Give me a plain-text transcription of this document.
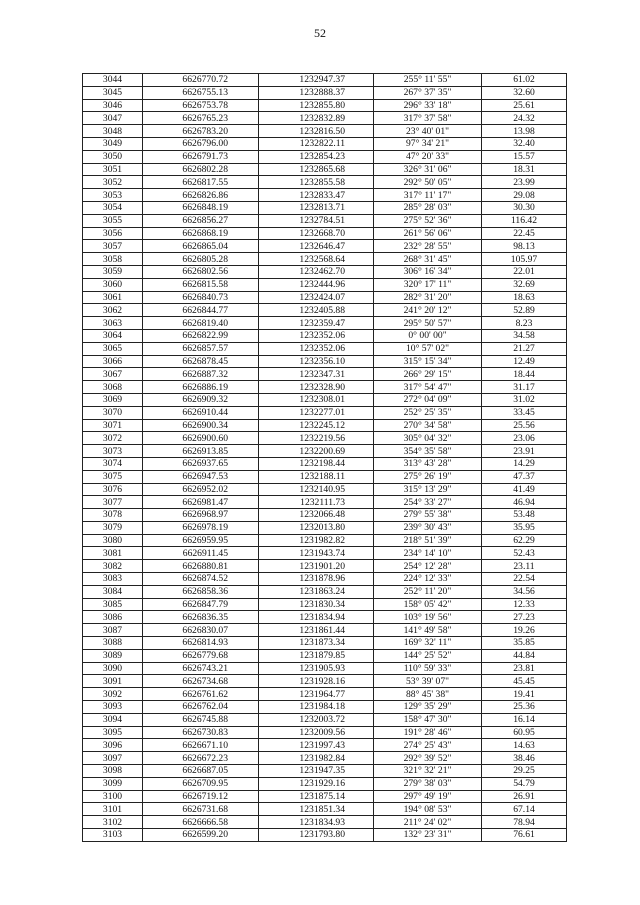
52
3044	6626770.72	1232947.37	255° 11' 55"	61.02
3045	6626755.13	1232888.37	267° 37' 35"	32.60
3046	6626753.78	1232855.80	296° 33' 18"	25.61
3047	6626765.23	1232832.89	317° 37' 58"	24.32
3048	6626783.20	1232816.50	23° 40' 01"	13.98
3049	6626796.00	1232822.11	97° 34' 21"	32.40
3050	6626791.73	1232854.23	47° 20' 33"	15.57
3051	6626802.28	1232865.68	326° 31' 06"	18.31
3052	6626817.55	1232855.58	292° 50' 05"	23.99
3053	6626826.86	1232833.47	317° 11' 17"	29.08
3054	6626848.19	1232813.71	285° 28' 03"	30.30
3055	6626856.27	1232784.51	275° 52' 36"	116.42
3056	6626868.19	1232668.70	261° 56' 06"	22.45
3057	6626865.04	1232646.47	232° 28' 55"	98.13
3058	6626805.28	1232568.64	268° 31' 45"	105.97
3059	6626802.56	1232462.70	306° 16' 34"	22.01
3060	6626815.58	1232444.96	320° 17' 11"	32.69
3061	6626840.73	1232424.07	282° 31' 20"	18.63
3062	6626844.77	1232405.88	241° 20' 12"	52.89
3063	6626819.40	1232359.47	295° 50' 57"	8.23
3064	6626822.99	1232352.06	0° 00' 00"	34.58
3065	6626857.57	1232352.06	10° 57' 02"	21.27
3066	6626878.45	1232356.10	315° 15' 34"	12.49
3067	6626887.32	1232347.31	266° 29' 15"	18.44
3068	6626886.19	1232328.90	317° 54' 47"	31.17
3069	6626909.32	1232308.01	272° 04' 09"	31.02
3070	6626910.44	1232277.01	252° 25' 35"	33.45
3071	6626900.34	1232245.12	270° 34' 58"	25.56
3072	6626900.60	1232219.56	305° 04' 32"	23.06
3073	6626913.85	1232200.69	354° 35' 58"	23.91
3074	6626937.65	1232198.44	313° 43' 28"	14.29
3075	6626947.53	1232188.11	275° 26' 19"	47.37
3076	6626952.02	1232140.95	315° 13' 29"	41.49
3077	6626981.47	1232111.73	254° 33' 27"	46.94
3078	6626968.97	1232066.48	279° 55' 38"	53.48
3079	6626978.19	1232013.80	239° 30' 43"	35.95
3080	6626959.95	1231982.82	218° 51' 39"	62.29
3081	6626911.45	1231943.74	234° 14' 10"	52.43
3082	6626880.81	1231901.20	254° 12' 28"	23.11
3083	6626874.52	1231878.96	224° 12' 33"	22.54
3084	6626858.36	1231863.24	252° 11' 20"	34.56
3085	6626847.79	1231830.34	158° 05' 42"	12.33
3086	6626836.35	1231834.94	103° 19' 56"	27.23
3087	6626830.07	1231861.44	141° 49' 58"	19.26
3088	6626814.93	1231873.34	169° 32' 11"	35.85
3089	6626779.68	1231879.85	144° 25' 52"	44.84
3090	6626743.21	1231905.93	110° 59' 33"	23.81
3091	6626734.68	1231928.16	53° 39' 07"	45.45
3092	6626761.62	1231964.77	88° 45' 38"	19.41
3093	6626762.04	1231984.18	129° 35' 29"	25.36
3094	6626745.88	1232003.72	158° 47' 30"	16.14
3095	6626730.83	1232009.56	191° 28' 46"	60.95
3096	6626671.10	1231997.43	274° 25' 43"	14.63
3097	6626672.23	1231982.84	292° 39' 52"	38.46
3098	6626687.05	1231947.35	321° 32' 21"	29.25
3099	6626709.95	1231929.16	279° 38' 03"	54.79
3100	6626719.12	1231875.14	297° 49' 19"	26.91
3101	6626731.68	1231851.34	194° 08' 53"	67.14
3102	6626666.58	1231834.93	211° 24' 02"	78.94
3103	6626599.20	1231793.80	132° 23' 31"	76.61
